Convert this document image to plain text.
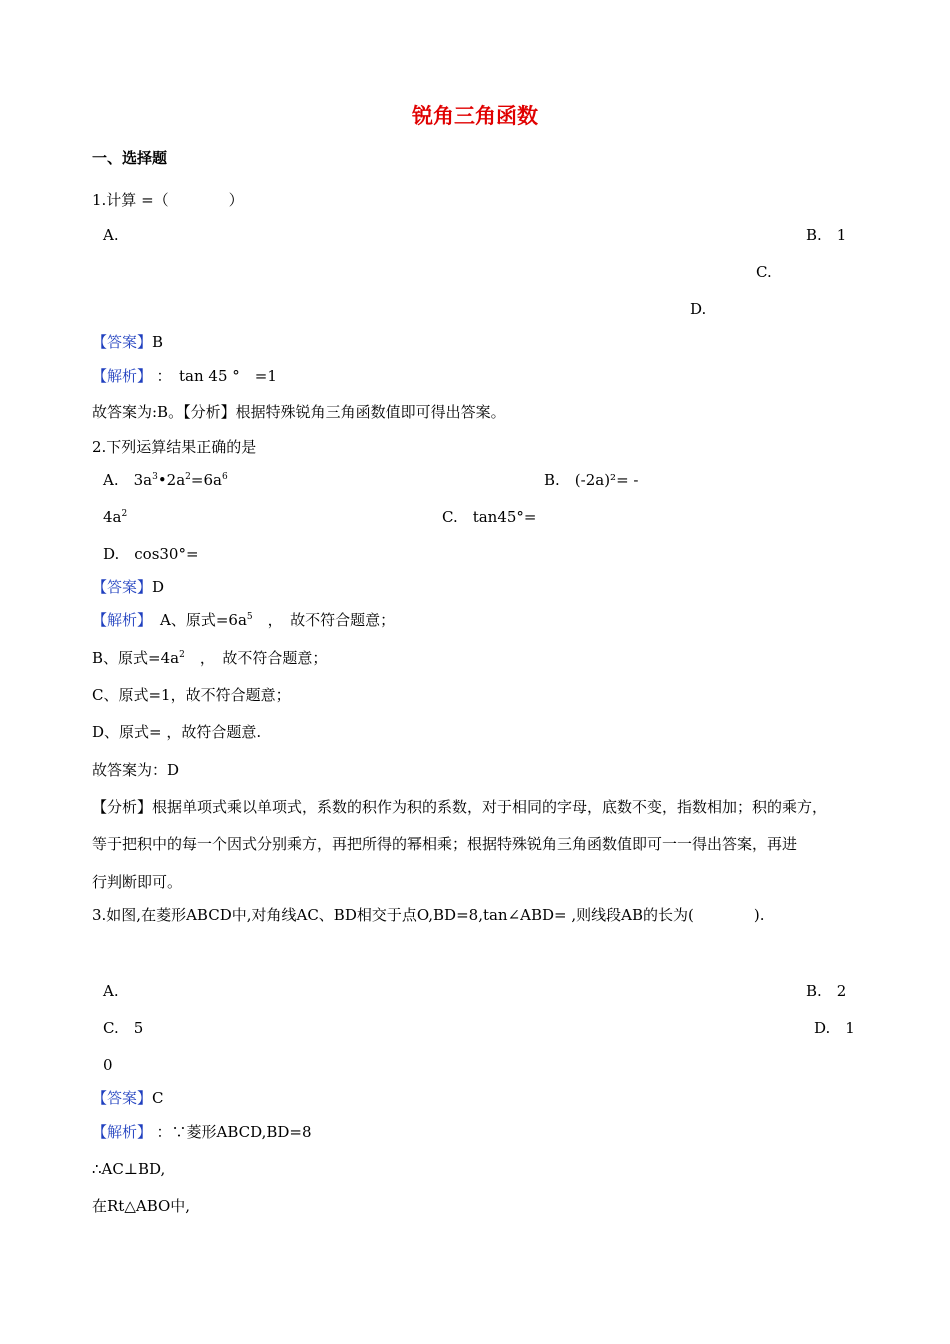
锐角三角函数
一、选择题
1.计算 =（　　　　）
A.	B.　1
C.
D.
【答案】B
【解析】 ：　tan 45 °　=1
故答案为:B。【分析】根据特殊锐角三角函数值即可得出答案。
2.下列运算结果正确的是
A.　$3a^3•2a^2=6a^6$	B.　(-2a)²= -
$4a^2$	C.　tan45°=
D.　cos30°=
【答案】D
【解析】 A、原式$=6a^5$　，　故不符合题意；
B、原式$=4a^2$　，　故不符合题意；
C、原式=1，故不符合题意；
D、原式= ，故符合题意.
故答案为：D
【分析】根据单项式乘以单项式，系数的积作为积的系数，对于相同的字母，底数不变，指数相加；积的乘方，
等于把积中的每一个因式分别乘方，再把所得的幂相乘；根据特殊锐角三角函数值即可一一得出答案，再进
行判断即可。
3.如图,在菱形ABCD中,对角线AC、BD相交于点O,BD=8,tan∠ABD= ,则线段AB的长为(　　　　).
A.	B.　2
C.　5	D.　1
0
【答案】C
【解析】 ：∵菱形ABCD,BD=8
∴AC⊥BD,
在Rt△ABO中,
